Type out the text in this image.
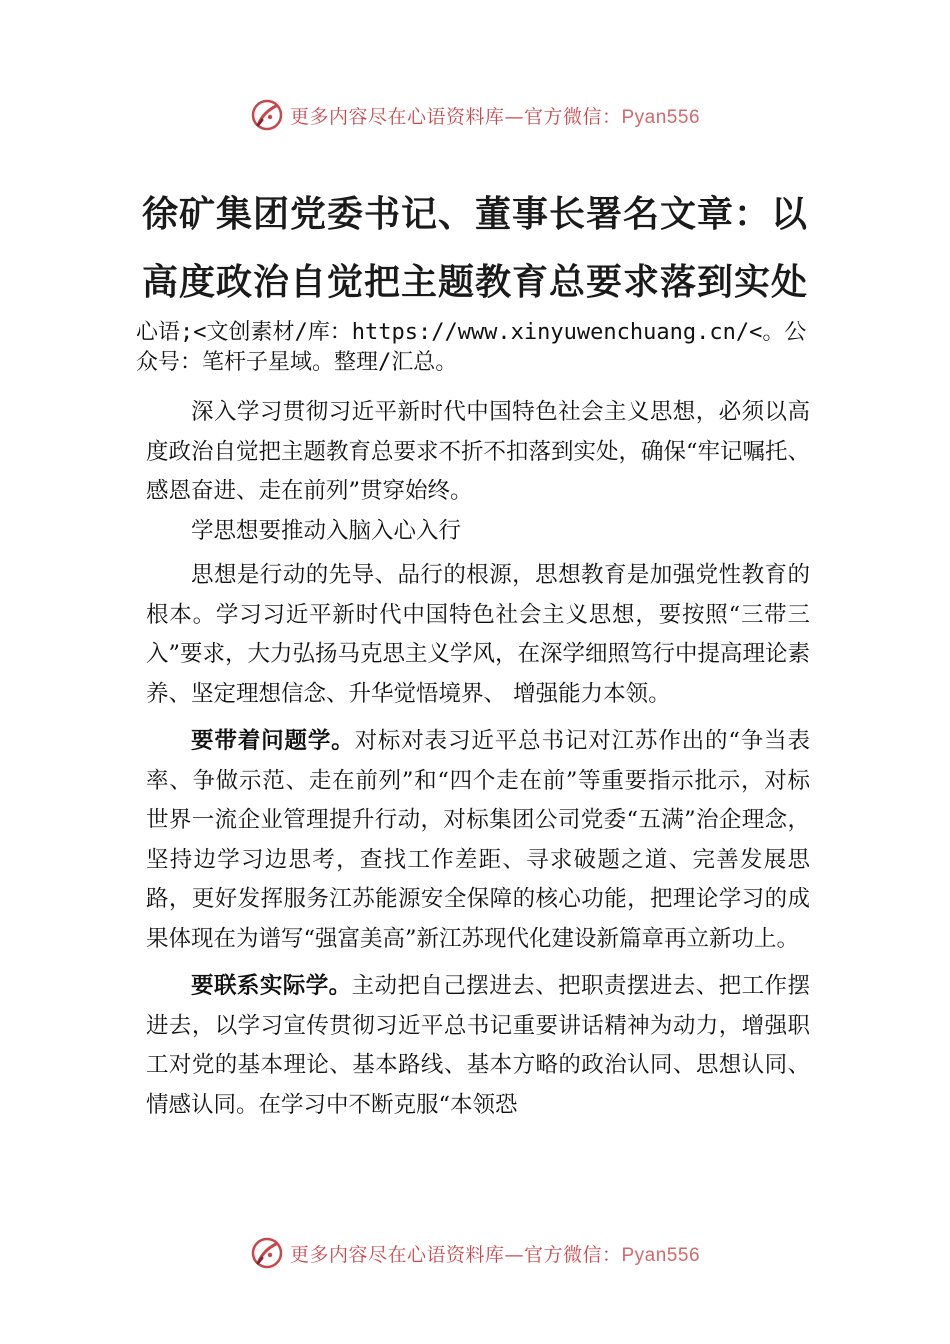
更多内容尽在心语资料库—官方微信：Pyan556
徐矿集团党委书记、董事长署名文章：以高度政治自觉把主题教育总要求落到实处
心语;<文创素材/库：https://www.xinyuwenchuang.cn/<。公众号：笔杆子星域。整理/汇总。

深入学习贯彻习近平新时代中国特色社会主义思想，必须以高度政治自觉把主题教育总要求不折不扣落到实处，确保“牢记嘱托、感恩奋进、走在前列”贯穿始终。

学思想要推动入脑入心入行

思想是行动的先导、品行的根源，思想教育是加强党性教育的根本。学习习近平新时代中国特色社会主义思想，要按照“三带三入”要求，大力弘扬马克思主义学风，在深学细照笃行中提高理论素养、坚定理想信念、升华觉悟境界、 增强能力本领。

要带着问题学。对标对表习近平总书记对江苏作出的“争当表率、争做示范、走在前列”和“四个走在前”等重要指示批示，对标世界一流企业管理提升行动，对标集团公司党委“五满”治企理念，坚持边学习边思考，查找工作差距、寻求破题之道、完善发展思路，更好发挥服务江苏能源安全保障的核心功能，把理论学习的成果体现在为谱写“强富美高”新江苏现代化建设新篇章再立新功上。

要联系实际学。主动把自己摆进去、把职责摆进去、把工作摆进去，以学习宣传贯彻习近平总书记重要讲话精神为动力，增强职工对党的基本理论、基本路线、基本方略的政治认同、思想认同、情感认同。在学习中不断克服“本领恐

更多内容尽在心语资料库—官方微信：Pyan556
